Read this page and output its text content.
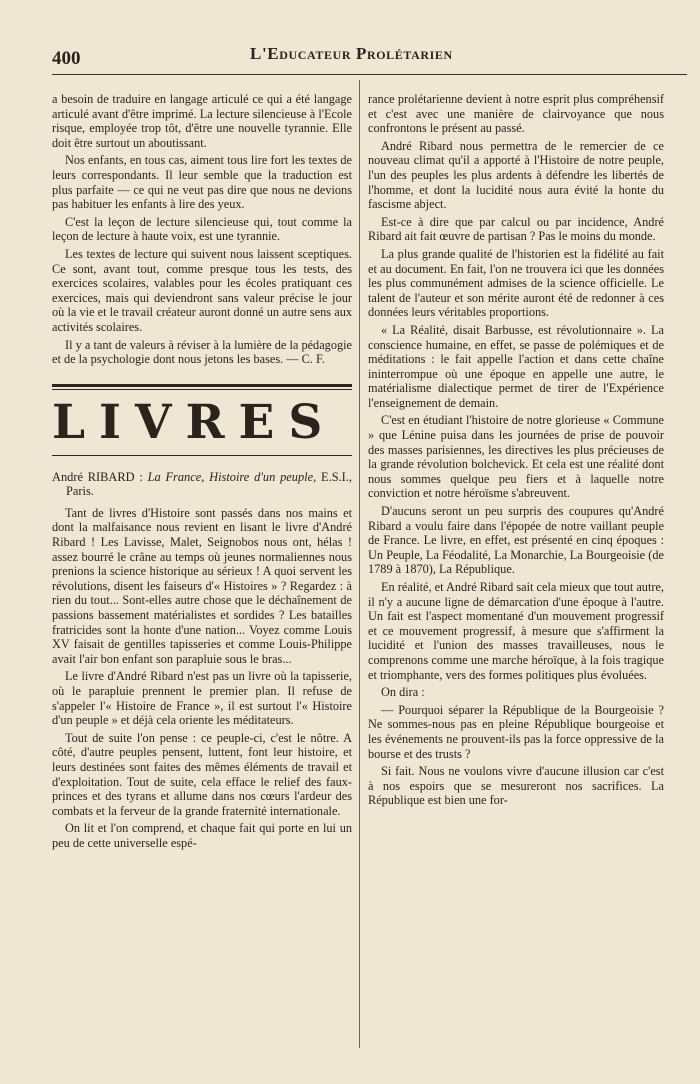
400	L'Educateur Prolétarien

a besoin de traduire en langage articulé ce qui a été langage articulé avant d'être imprimé. La lecture silencieuse à l'Ecole risque, employée trop tôt, d'être une nouvelle tyrannie. Elle doit être surtout un aboutissant.

Nos enfants, en tous cas, aiment tous lire fort les textes de leurs correspondants. Il leur semble que la traduction est plus parfaite — ce qui ne veut pas dire que nous ne devions pas habituer les enfants à lire des yeux.

C'est la leçon de lecture silencieuse qui, tout comme la leçon de lecture à haute voix, est une tyrannie.

Les textes de lecture qui suivent nous laissent sceptiques. Ce sont, avant tout, comme presque tous les tests, des exercices scolaires, valables pour les écoles pratiquant ces exercices, mais qui deviendront sans valeur précise le jour où la vie et le travail créateur auront donné un autre sens aux activités scolaires.

Il y a tant de valeurs à réviser à la lumière de la pédagogie et de la psychologie dont nous jetons les bases. — C. F.

LIVRES

André RIBARD : La France, Histoire d'un peuple, E.S.I., Paris.

Tant de livres d'Histoire sont passés dans nos mains et dont la malfaisance nous revient en lisant le livre d'André Ribard ! Les Lavisse, Malet, Seignobos nous ont, hélas ! assez bourré le crâne au temps où jeunes normaliennes nous prenions la science historique au sérieux ! A quoi servent les révolutions, disent les faiseurs d'« Histoires » ? Regardez : à rien du tout... Sont-elles autre chose que le déchaînement de passions bassement matérialistes et sordides ? Les batailles fratricides sont la honte d'une nation... Voyez comme Louis XV faisait de gentilles tapisseries et comme Louis-Philippe avait l'air bon enfant son parapluie sous le bras...

Le livre d'André Ribard n'est pas un livre où la tapisserie, où le parapluie prennent le premier plan. Il refuse de s'appeler l'« Histoire de France », il est surtout l'« Histoire d'un peuple » et déjà cela oriente les méditateurs.

Tout de suite l'on pense : ce peuple-ci, c'est le nôtre. A côté, d'autre peuples pensent, luttent, font leur histoire, et leurs destinées sont faites des mêmes éléments de travail et d'exploitation. Tout de suite, cela efface le relief des faux-princes et des tyrans et allume dans nos cœurs l'ardeur des combats et la ferveur de la grande fraternité internationale.

On lit et l'on comprend, et chaque fait qui porte en lui un peu de cette universelle espé-

rance prolétarienne devient à notre esprit plus compréhensif et c'est avec une manière de clairvoyance que nous confrontons le présent au passé.

André Ribard nous permettra de le remercier de ce nouveau climat qu'il a apporté à l'Histoire de notre peuple, l'un des peuples les plus ardents à défendre les libertés de l'homme, et dont la lucidité nous aura évité la honte du fascisme abject.

Est-ce à dire que par calcul ou par incidence, André Ribard ait fait œuvre de partisan ? Pas le moins du monde.

La plus grande qualité de l'historien est la fidélité au fait et au document. En fait, l'on ne trouvera ici que les données les plus communément admises de la science officielle. Le talent de l'auteur et son mérite auront été de redonner à ces données leurs véritables proportions.

« La Réalité, disait Barbusse, est révolutionnaire ». La conscience humaine, en effet, se passe de polémiques et de méditations : le fait appelle l'action et dans cette chaîne ininterrompue où une époque en appelle une autre, le matérialisme dialectique permet de tirer de l'Expérience l'enseignement de demain.

C'est en étudiant l'histoire de notre glorieuse « Commune » que Lénine puisa dans les journées de prise de pouvoir des masses parisiennes, les directives les plus précieuses de la grande révolution bolchevick. Et cela est une réalité dont nous sommes quelque peu fiers et à laquelle notre conviction et notre héroïsme s'abreuvent.

D'aucuns seront un peu surpris des coupures qu'André Ribard a voulu faire dans l'épopée de notre vaillant peuple de France. Le livre, en effet, est présenté en cinq époques : Un Peuple, La Féodalité, La Monarchie, La Bourgeoisie (de 1789 à 1870), La République.

En réalité, et André Ribard sait cela mieux que tout autre, il n'y a aucune ligne de démarcation d'une époque à l'autre. Un fait est l'aspect momentané d'un mouvement progressif et ce mouvement progressif, à mesure que s'affirment la lucidité et l'union des masses travailleuses, nous le comprenons comme une marche héroïque, à la fois tragique et triomphante, vers des formes politiques plus évoluées.

On dira :

— Pourquoi séparer la République de la Bourgeoisie ? Ne sommes-nous pas en pleine République bourgeoise et les événements ne prouvent-ils pas la force oppressive de la bourse et des trusts ?

Si fait. Nous ne voulons vivre d'aucune illusion car c'est à nos espoirs que se mesureront nos sacrifices. La République est bien une for-
